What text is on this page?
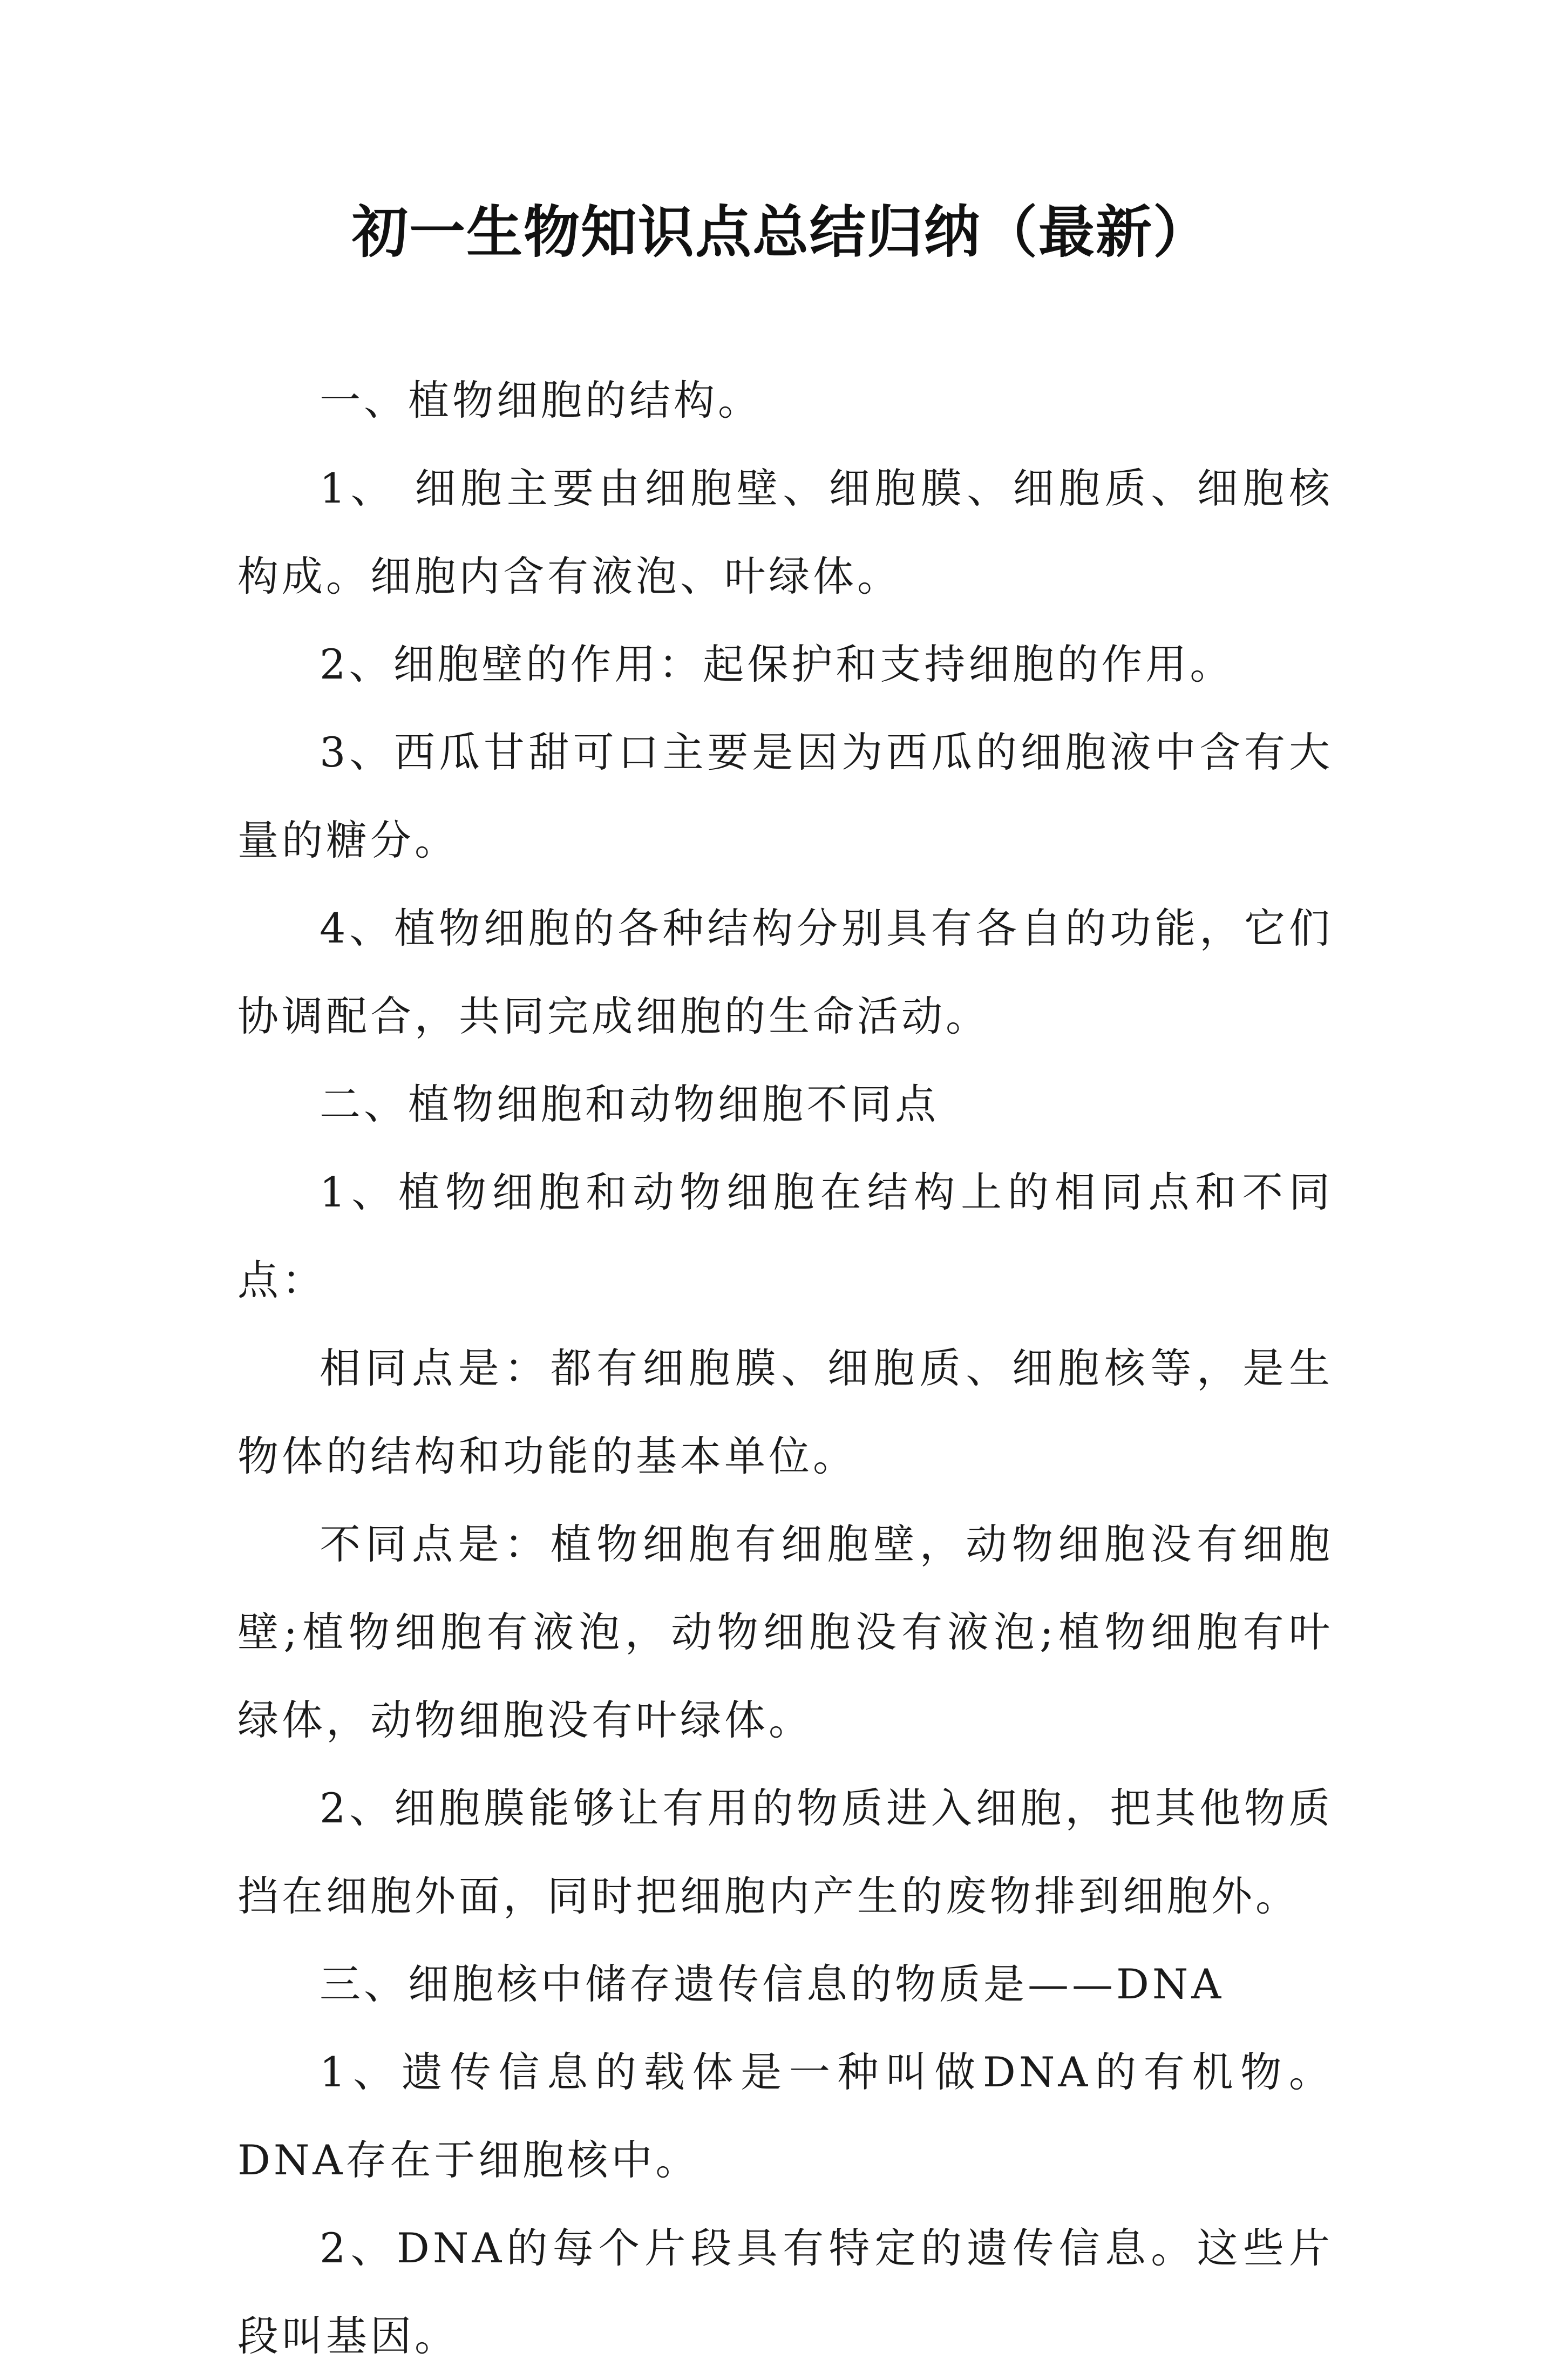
初一生物知识点总结归纳（最新）

一、植物细胞的结构。

1、 细胞主要由细胞壁、细胞膜、细胞质、细胞核构成。细胞内含有液泡、叶绿体。

2、细胞壁的作用：起保护和支持细胞的作用。

3、西瓜甘甜可口主要是因为西瓜的细胞液中含有大量的糖分。

4、植物细胞的各种结构分别具有各自的功能，它们协调配合，共同完成细胞的生命活动。

二、植物细胞和动物细胞不同点

1、植物细胞和动物细胞在结构上的相同点和不同点：

相同点是：都有细胞膜、细胞质、细胞核等，是生物体的结构和功能的基本单位。

不同点是：植物细胞有细胞壁，动物细胞没有细胞壁;植物细胞有液泡，动物细胞没有液泡;植物细胞有叶绿体，动物细胞没有叶绿体。

2、细胞膜能够让有用的物质进入细胞，把其他物质挡在细胞外面，同时把细胞内产生的废物排到细胞外。

三、细胞核中储存遗传信息的物质是——DNA

1、遗传信息的载体是一种叫做DNA的有机物。DNA存在于细胞核中。

2、DNA的每个片段具有特定的遗传信息。这些片段叫基因。
